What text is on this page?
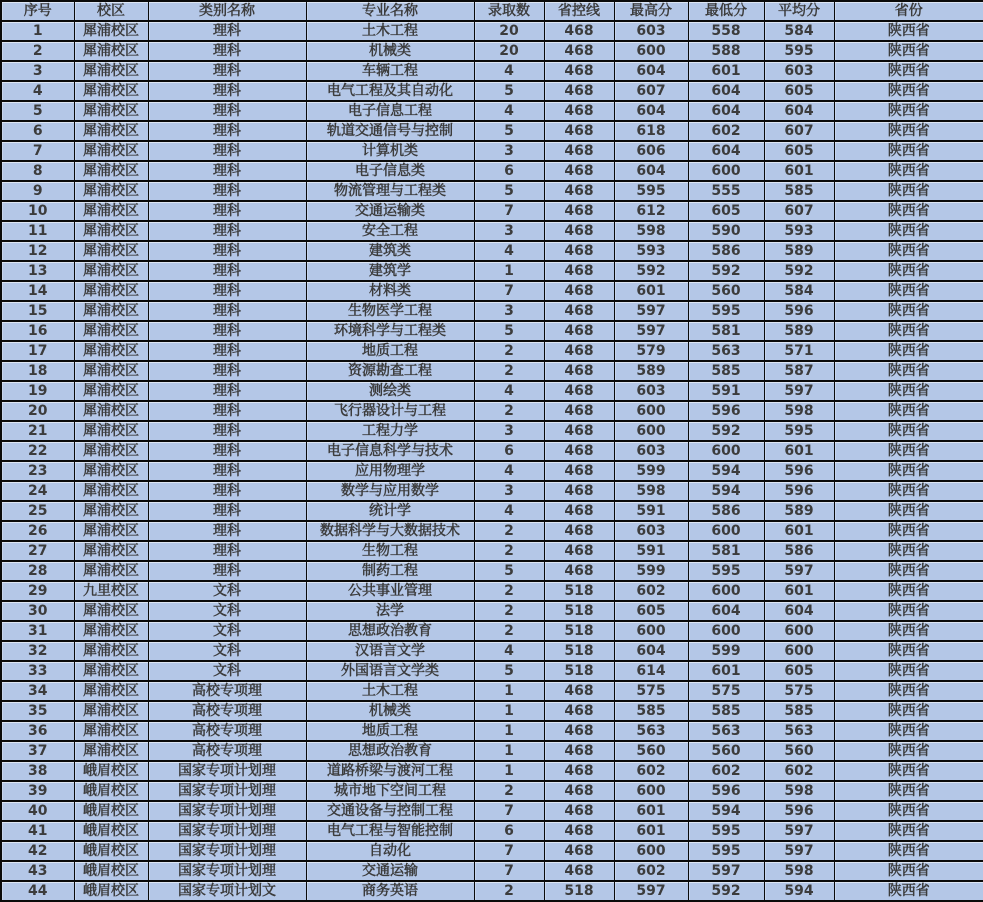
序号	校区	类别名称	专业名称	录取数	省控线	最高分	最低分	平均分	省份
1	犀浦校区	理科	土木工程	20	468	603	558	584	陕西省
2	犀浦校区	理科	机械类	20	468	600	588	595	陕西省
3	犀浦校区	理科	车辆工程	4	468	604	601	603	陕西省
4	犀浦校区	理科	电气工程及其自动化	5	468	607	604	605	陕西省
5	犀浦校区	理科	电子信息工程	4	468	604	604	604	陕西省
6	犀浦校区	理科	轨道交通信号与控制	5	468	618	602	607	陕西省
7	犀浦校区	理科	计算机类	3	468	606	604	605	陕西省
8	犀浦校区	理科	电子信息类	6	468	604	600	601	陕西省
9	犀浦校区	理科	物流管理与工程类	5	468	595	555	585	陕西省
10	犀浦校区	理科	交通运输类	7	468	612	605	607	陕西省
11	犀浦校区	理科	安全工程	3	468	598	590	593	陕西省
12	犀浦校区	理科	建筑类	4	468	593	586	589	陕西省
13	犀浦校区	理科	建筑学	1	468	592	592	592	陕西省
14	犀浦校区	理科	材料类	7	468	601	560	584	陕西省
15	犀浦校区	理科	生物医学工程	3	468	597	595	596	陕西省
16	犀浦校区	理科	环境科学与工程类	5	468	597	581	589	陕西省
17	犀浦校区	理科	地质工程	2	468	579	563	571	陕西省
18	犀浦校区	理科	资源勘查工程	2	468	589	585	587	陕西省
19	犀浦校区	理科	测绘类	4	468	603	591	597	陕西省
20	犀浦校区	理科	飞行器设计与工程	2	468	600	596	598	陕西省
21	犀浦校区	理科	工程力学	3	468	600	592	595	陕西省
22	犀浦校区	理科	电子信息科学与技术	6	468	603	600	601	陕西省
23	犀浦校区	理科	应用物理学	4	468	599	594	596	陕西省
24	犀浦校区	理科	数学与应用数学	3	468	598	594	596	陕西省
25	犀浦校区	理科	统计学	4	468	591	586	589	陕西省
26	犀浦校区	理科	数据科学与大数据技术	2	468	603	600	601	陕西省
27	犀浦校区	理科	生物工程	2	468	591	581	586	陕西省
28	犀浦校区	理科	制药工程	5	468	599	595	597	陕西省
29	九里校区	文科	公共事业管理	2	518	602	600	601	陕西省
30	犀浦校区	文科	法学	2	518	605	604	604	陕西省
31	犀浦校区	文科	思想政治教育	2	518	600	600	600	陕西省
32	犀浦校区	文科	汉语言文学	4	518	604	599	600	陕西省
33	犀浦校区	文科	外国语言文学类	5	518	614	601	605	陕西省
34	犀浦校区	高校专项理	土木工程	1	468	575	575	575	陕西省
35	犀浦校区	高校专项理	机械类	1	468	585	585	585	陕西省
36	犀浦校区	高校专项理	地质工程	1	468	563	563	563	陕西省
37	犀浦校区	高校专项理	思想政治教育	1	468	560	560	560	陕西省
38	峨眉校区	国家专项计划理	道路桥梁与渡河工程	1	468	602	602	602	陕西省
39	峨眉校区	国家专项计划理	城市地下空间工程	2	468	600	596	598	陕西省
40	峨眉校区	国家专项计划理	交通设备与控制工程	7	468	601	594	596	陕西省
41	峨眉校区	国家专项计划理	电气工程与智能控制	6	468	601	595	597	陕西省
42	峨眉校区	国家专项计划理	自动化	7	468	600	595	597	陕西省
43	峨眉校区	国家专项计划理	交通运输	7	468	602	597	598	陕西省
44	峨眉校区	国家专项计划文	商务英语	2	518	597	592	594	陕西省
